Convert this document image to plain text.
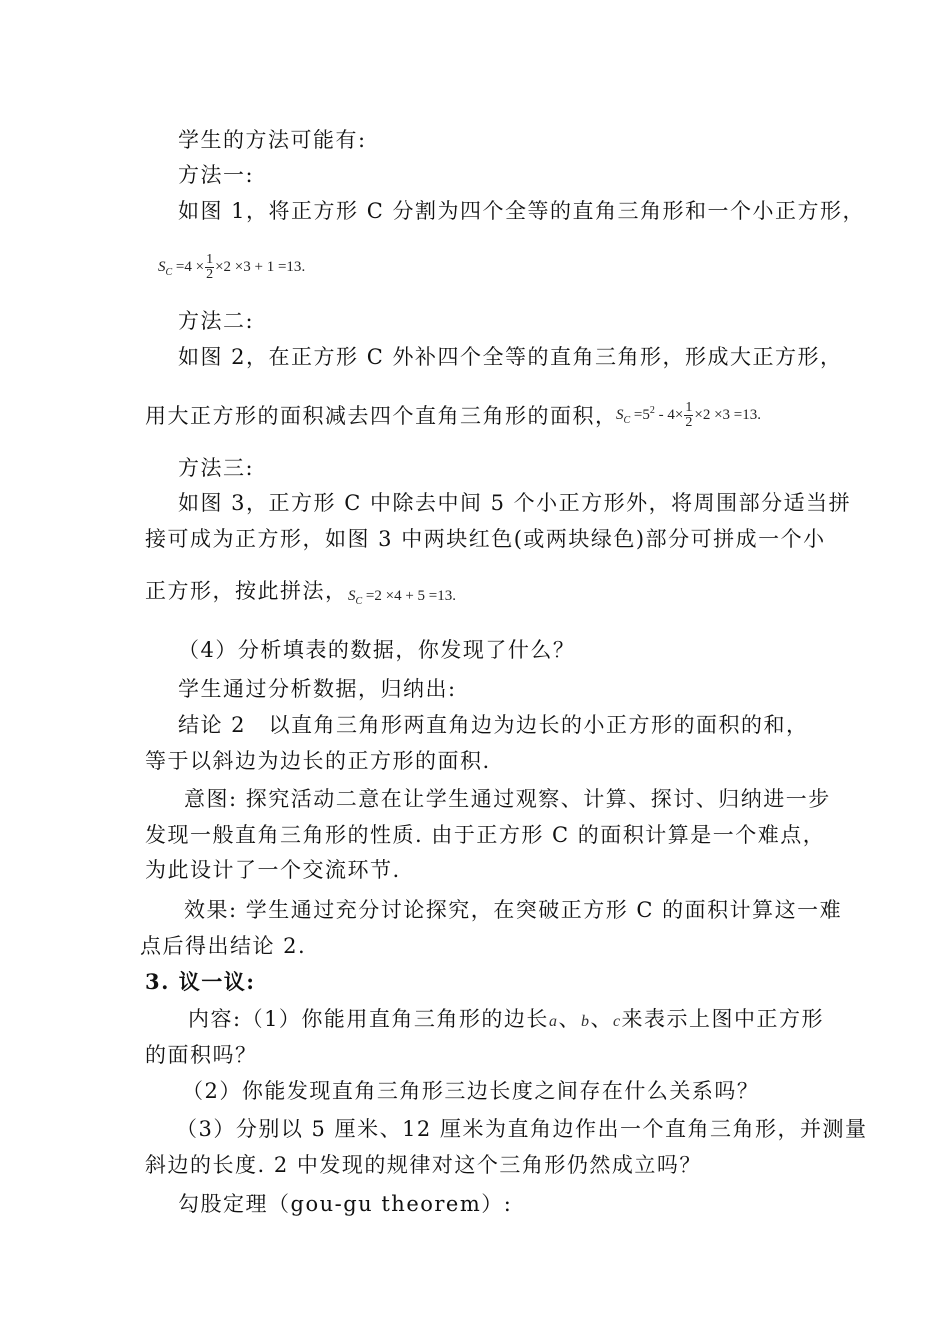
学生的方法可能有:
方法一:
如图 1，将正方形 C 分割为四个全等的直角三角形和一个小正方形，
$S_C =4 \times \frac{1}{2} \times 2 \times 3 + 1 =13$.
方法二:
如图 2，在正方形 C 外补四个全等的直角三角形，形成大正方形，
用大正方形的面积减去四个直角三角形的面积，
$S_C =5^2 - 4\times \frac{1}{2} \times 2 \times 3 =13$.
方法三:
如图 3，正方形 C 中除去中间 5 个小正方形外，将周围部分适当拼
接可成为正方形，如图 3 中两块红色(或两块绿色)部分可拼成一个小
正方形，按此拼法， $S_C =2 \times 4 + 5 =13$.
（4）分析填表的数据，你发现了什么？
学生通过分析数据，归纳出:
结论 2　以直角三角形两直角边为边长的小正方形的面积的和，
等于以斜边为边长的正方形的面积.
意图: 探究活动二意在让学生通过观察、计算、探讨、归纳进一步
发现一般直角三角形的性质. 由于正方形 C 的面积计算是一个难点，
为此设计了一个交流环节.
效果: 学生通过充分讨论探究，在突破正方形 C 的面积计算这一难
点后得出结论 2.
3. 议一议:
内容:（1）你能用直角三角形的边长a、b、c来表示上图中正方形
的面积吗？
（2）你能发现直角三角形三边长度之间存在什么关系吗？
（3）分别以 5 厘米、12 厘米为直角边作出一个直角三角形，并测量
斜边的长度. 2 中发现的规律对这个三角形仍然成立吗？
勾股定理（gou-gu theorem）:
